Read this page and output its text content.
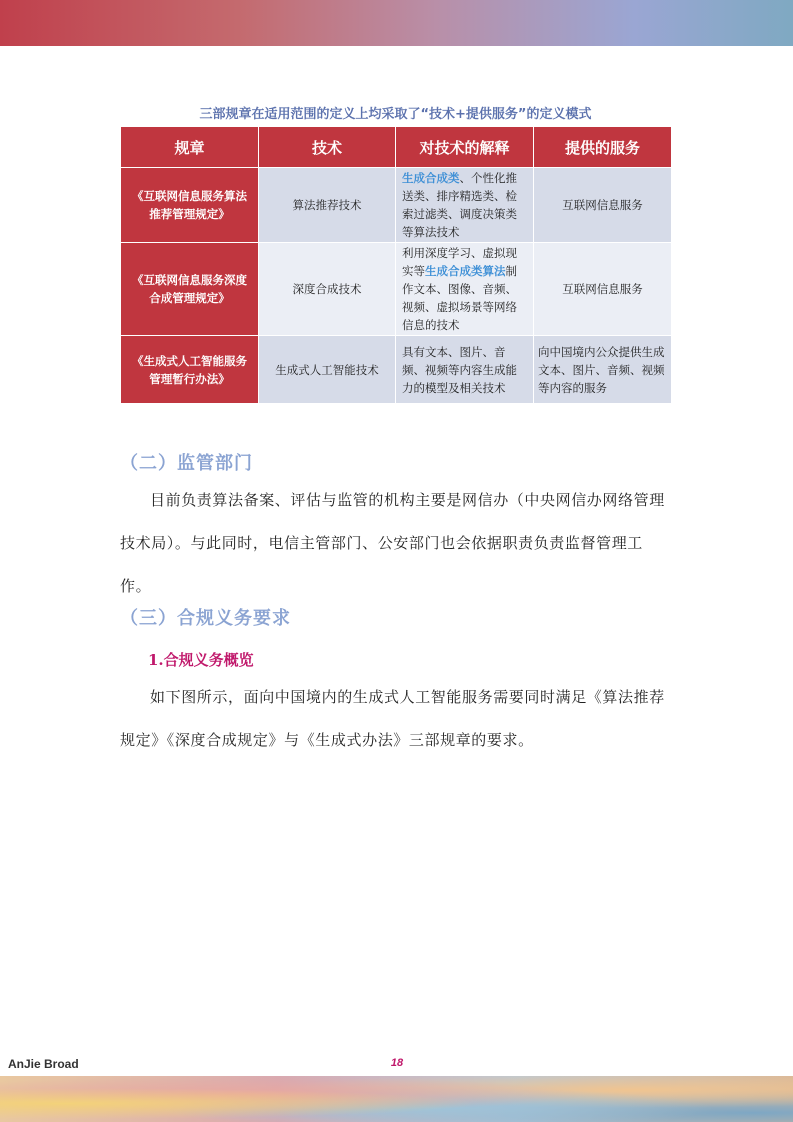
三部规章在适用范围的定义上均采取了“技术+提供服务”的定义模式
规章	技术	对技术的解释	提供的服务
《互联网信息服务算法推荐管理规定》	算法推荐技术	生成合成类、个性化推送类、排序精选类、检索过滤类、调度决策类等算法技术	互联网信息服务
《互联网信息服务深度合成管理规定》	深度合成技术	利用深度学习、虚拟现实等生成合成类算法制作文本、图像、音频、视频、虚拟场景等网络信息的技术	互联网信息服务
《生成式人工智能服务管理暂行办法》	生成式人工智能技术	具有文本、图片、音频、视频等内容生成能力的模型及相关技术	向中国境内公众提供生成文本、图片、音频、视频等内容的服务
（二）监管部门
目前负责算法备案、评估与监管的机构主要是网信办（中央网信办网络管理技术局）。与此同时，电信主管部门、公安部门也会依据职责负责监督管理工作。
（三）合规义务要求
1.合规义务概览
如下图所示，面向中国境内的生成式人工智能服务需要同时满足《算法推荐规定》《深度合成规定》与《生成式办法》三部规章的要求。
AnJie Broad	18
